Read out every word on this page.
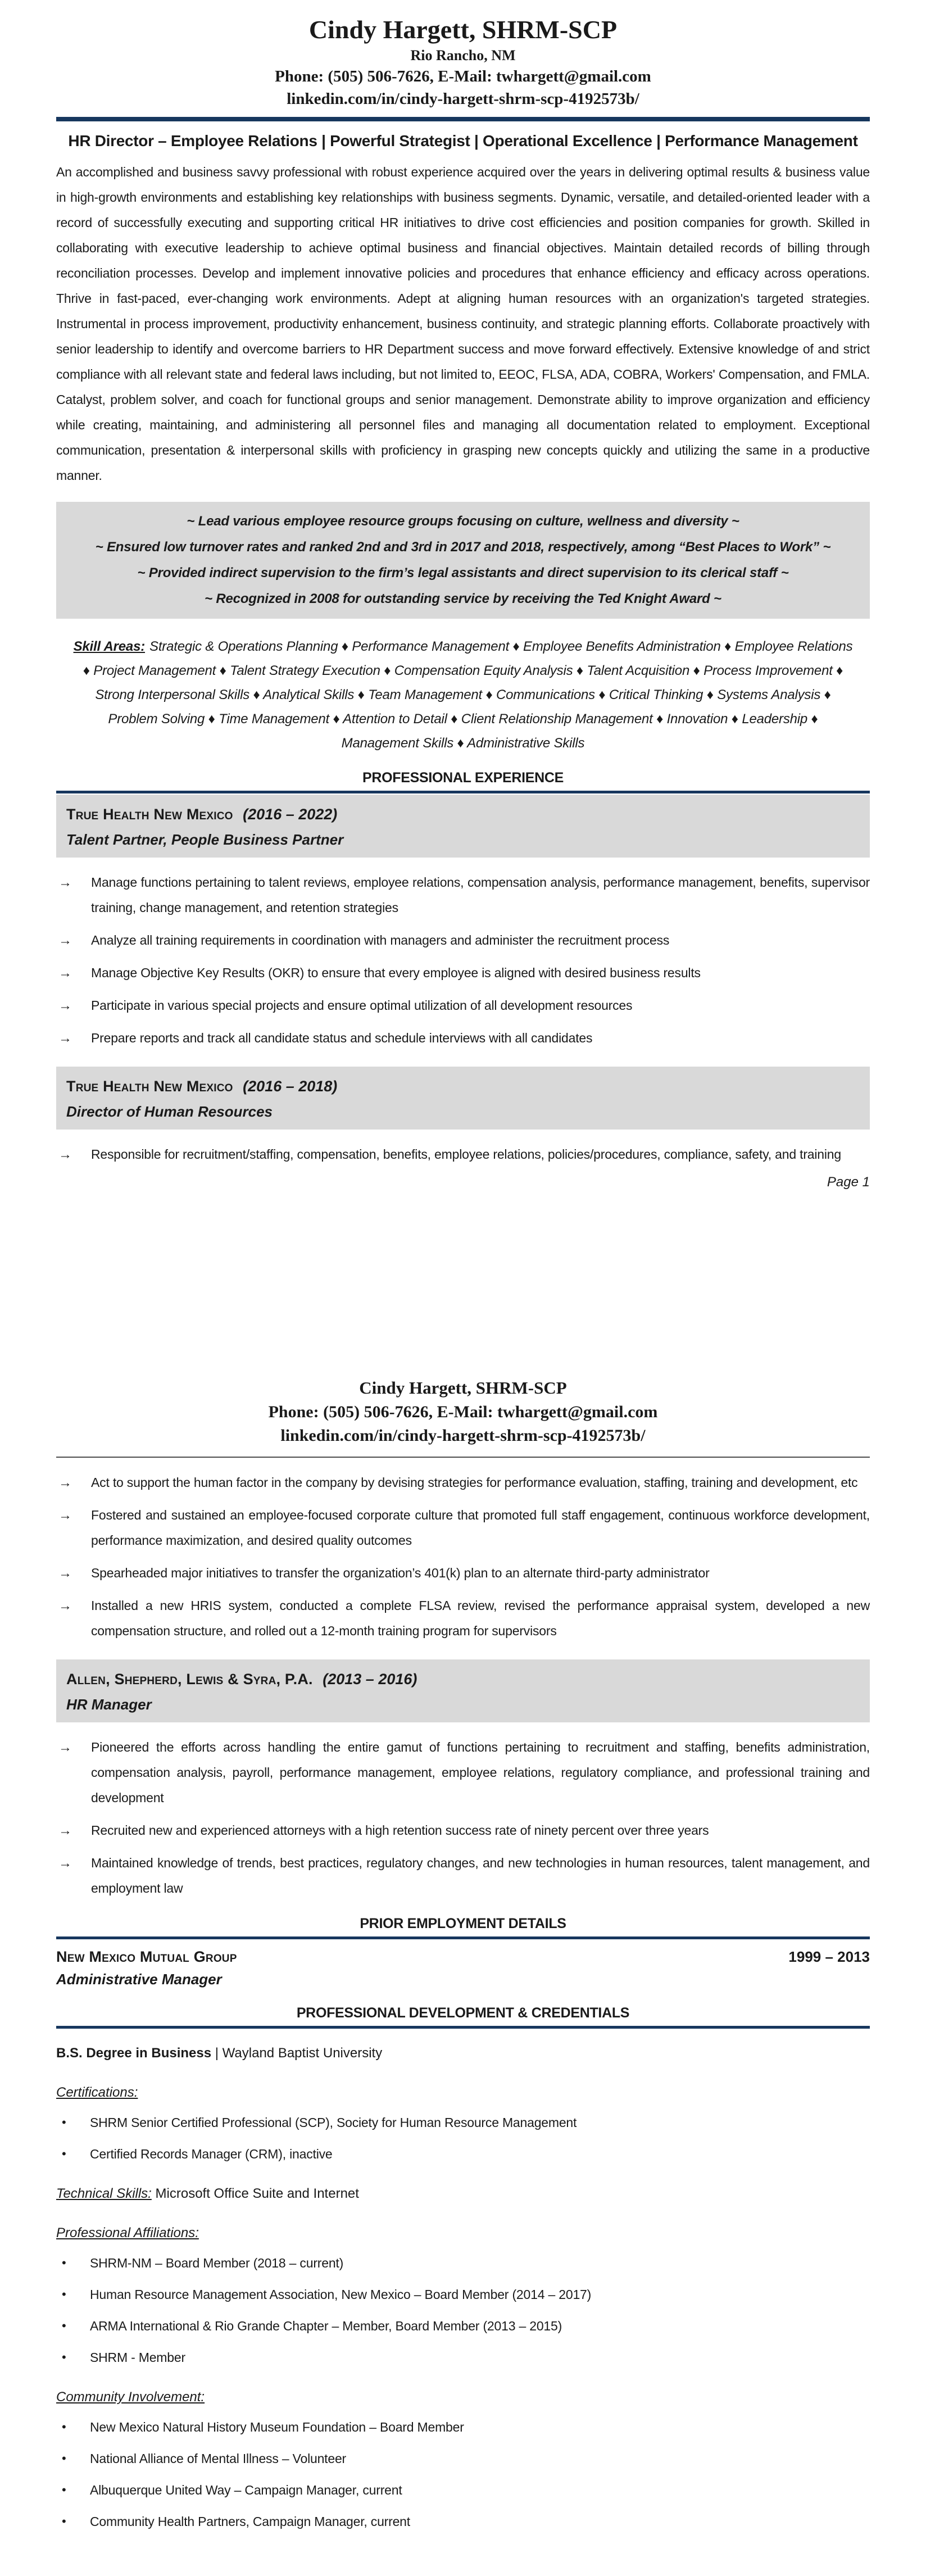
Cindy Hargett, SHRM-SCP
Rio Rancho, NM
Phone: (505) 506-7626, E-Mail: twhargett@gmail.com
linkedin.com/in/cindy-hargett-shrm-scp-4192573b/
HR Director – Employee Relations | Powerful Strategist | Operational Excellence | Performance Management

An accomplished and business savvy professional with robust experience acquired over the years in delivering optimal results & business value in high-growth environments and establishing key relationships with business segments. Dynamic, versatile, and detailed-oriented leader with a record of successfully executing and supporting critical HR initiatives to drive cost efficiencies and position companies for growth. Skilled in collaborating with executive leadership to achieve optimal business and financial objectives. Maintain detailed records of billing through reconciliation processes. Develop and implement innovative policies and procedures that enhance efficiency and efficacy across operations. Thrive in fast-paced, ever-changing work environments. Adept at aligning human resources with an organization's targeted strategies. Instrumental in process improvement, productivity enhancement, business continuity, and strategic planning efforts. Collaborate proactively with senior leadership to identify and overcome barriers to HR Department success and move forward effectively. Extensive knowledge of and strict compliance with all relevant state and federal laws including, but not limited to, EEOC, FLSA, ADA, COBRA, Workers' Compensation, and FMLA. Catalyst, problem solver, and coach for functional groups and senior management. Demonstrate ability to improve organization and efficiency while creating, maintaining, and administering all personnel files and managing all documentation related to employment. Exceptional communication, presentation & interpersonal skills with proficiency in grasping new concepts quickly and utilizing the same in a productive manner.

~ Lead various employee resource groups focusing on culture, wellness and diversity ~
~ Ensured low turnover rates and ranked 2nd and 3rd in 2017 and 2018, respectively, among “Best Places to Work” ~
~ Provided indirect supervision to the firm’s legal assistants and direct supervision to its clerical staff ~
~ Recognized in 2008 for outstanding service by receiving the Ted Knight Award ~
Skill Areas: Strategic & Operations Planning ♦ Performance Management ♦ Employee Benefits Administration ♦ Employee Relations ♦ Project Management ♦ Talent Strategy Execution ♦ Compensation Equity Analysis ♦ Talent Acquisition ♦ Process Improvement ♦ Strong Interpersonal Skills ♦ Analytical Skills ♦ Team Management ♦ Communications ♦ Critical Thinking ♦ Systems Analysis ♦ Problem Solving ♦ Time Management ♦ Attention to Detail ♦ Client Relationship Management ♦ Innovation ♦ Leadership ♦ Management Skills ♦ Administrative Skills
PROFESSIONAL EXPERIENCE
True Health New Mexico (2016 – 2022)
Talent Partner, People Business Partner
→	Manage functions pertaining to talent reviews, employee relations, compensation analysis, performance management, benefits, supervisor training, change management, and retention strategies
→	Analyze all training requirements in coordination with managers and administer the recruitment process
→	Manage Objective Key Results (OKR) to ensure that every employee is aligned with desired business results
→	Participate in various special projects and ensure optimal utilization of all development resources
→	Prepare reports and track all candidate status and schedule interviews with all candidates
True Health New Mexico (2016 – 2018)
Director of Human Resources
→	Responsible for recruitment/staffing, compensation, benefits, employee relations, policies/procedures, compliance, safety, and training
Page 1
Cindy Hargett, SHRM-SCP
Phone: (505) 506-7626, E-Mail: twhargett@gmail.com
linkedin.com/in/cindy-hargett-shrm-scp-4192573b/
→	Act to support the human factor in the company by devising strategies for performance evaluation, staffing, training and development, etc
→	Fostered and sustained an employee-focused corporate culture that promoted full staff engagement, continuous workforce development, performance maximization, and desired quality outcomes
→	Spearheaded major initiatives to transfer the organization’s 401(k) plan to an alternate third-party administrator
→	Installed a new HRIS system, conducted a complete FLSA review, revised the performance appraisal system, developed a new compensation structure, and rolled out a 12-month training program for supervisors
Allen, Shepherd, Lewis & Syra, P.A. (2013 – 2016)
HR Manager
→	Pioneered the efforts across handling the entire gamut of functions pertaining to recruitment and staffing, benefits administration, compensation analysis, payroll, performance management, employee relations, regulatory compliance, and professional training and development
→	Recruited new and experienced attorneys with a high retention success rate of ninety percent over three years
→	Maintained knowledge of trends, best practices, regulatory changes, and new technologies in human resources, talent management, and employment law
PRIOR EMPLOYMENT DETAILS
New Mexico Mutual Group	1999 – 2013
Administrative Manager
PROFESSIONAL DEVELOPMENT & CREDENTIALS
B.S. Degree in Business | Wayland Baptist University
Certifications:
•	SHRM Senior Certified Professional (SCP), Society for Human Resource Management
•	Certified Records Manager (CRM), inactive
Technical Skills: Microsoft Office Suite and Internet
Professional Affiliations:
•	SHRM-NM – Board Member (2018 – current)
•	Human Resource Management Association, New Mexico – Board Member (2014 – 2017)
•	ARMA International & Rio Grande Chapter – Member, Board Member (2013 – 2015)
•	SHRM - Member
Community Involvement:
•	New Mexico Natural History Museum Foundation – Board Member
•	National Alliance of Mental Illness – Volunteer
•	Albuquerque United Way – Campaign Manager, current
•	Community Health Partners, Campaign Manager, current
